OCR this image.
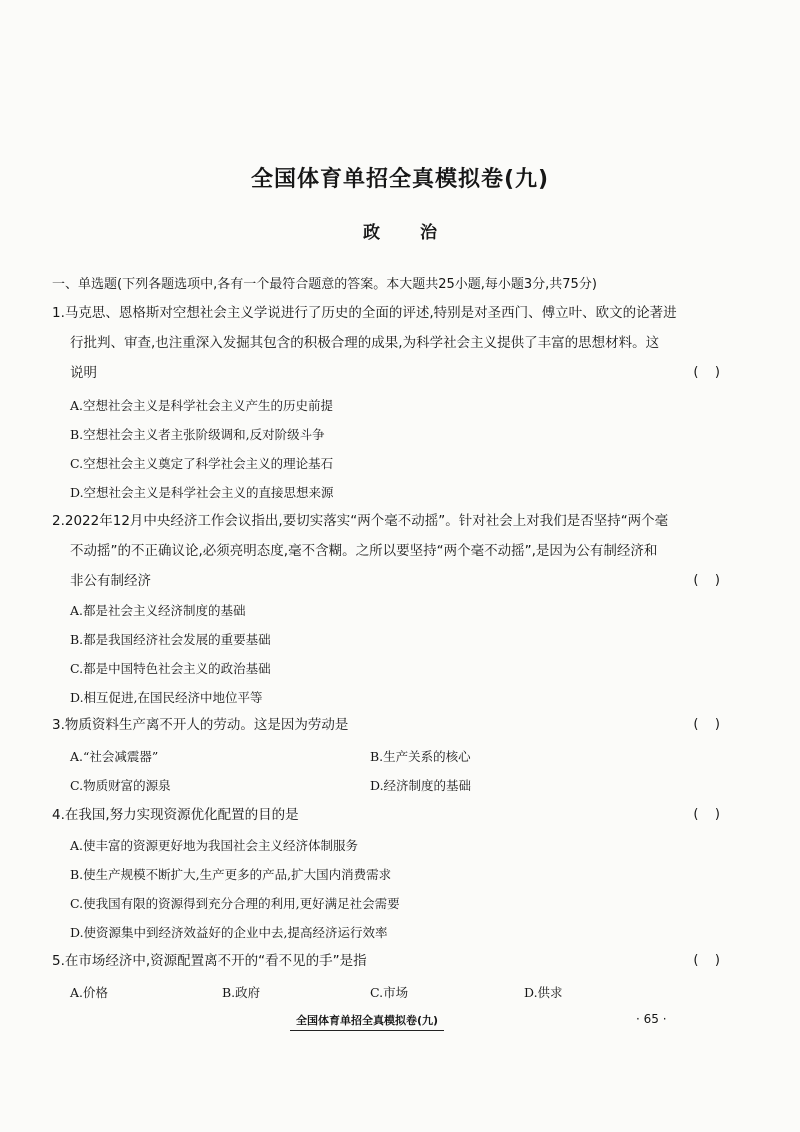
全国体育单招全真模拟卷(九)
政治
一、单选题(下列各题选项中,各有一个最符合题意的答案。本大题共25小题,每小题3分,共75分)
1.马克思、恩格斯对空想社会主义学说进行了历史的全面的评述,特别是对圣西门、傅立叶、欧文的论著进
行批判、审查,也注重深入发掘其包含的积极合理的成果,为科学社会主义提供了丰富的思想材料。这
说明	(    )
A.空想社会主义是科学社会主义产生的历史前提
B.空想社会主义者主张阶级调和,反对阶级斗争
C.空想社会主义奠定了科学社会主义的理论基石
D.空想社会主义是科学社会主义的直接思想来源
2.2022年12月中央经济工作会议指出,要切实落实“两个毫不动摇”。针对社会上对我们是否坚持“两个毫
不动摇”的不正确议论,必须亮明态度,毫不含糊。之所以要坚持“两个毫不动摇”,是因为公有制经济和
非公有制经济	(    )
A.都是社会主义经济制度的基础
B.都是我国经济社会发展的重要基础
C.都是中国特色社会主义的政治基础
D.相互促进,在国民经济中地位平等
3.物质资料生产离不开人的劳动。这是因为劳动是	(    )
A.“社会减震器”	B.生产关系的核心
C.物质财富的源泉	D.经济制度的基础
4.在我国,努力实现资源优化配置的目的是	(    )
A.使丰富的资源更好地为我国社会主义经济体制服务
B.使生产规模不断扩大,生产更多的产品,扩大国内消费需求
C.使我国有限的资源得到充分合理的利用,更好满足社会需要
D.使资源集中到经济效益好的企业中去,提高经济运行效率
5.在市场经济中,资源配置离不开的“看不见的手”是指	(    )
A.价格	B.政府	C.市场	D.供求
全国体育单招全真模拟卷(九)	· 65 ·
